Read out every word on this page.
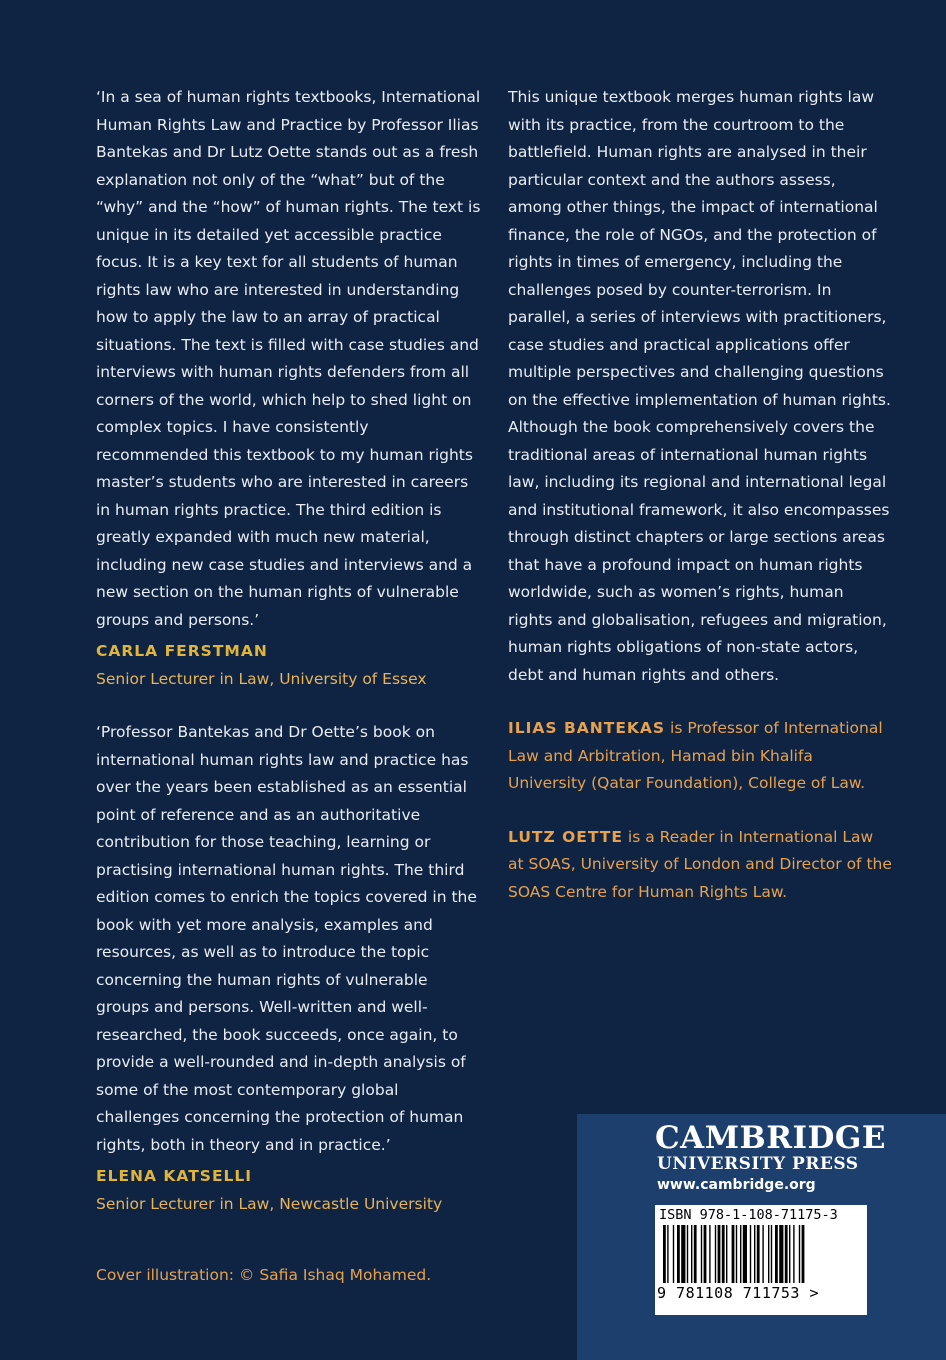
‘In a sea of human rights textbooks, International Human Rights Law and Practice by Professor Ilias Bantekas and Dr Lutz Oette stands out as a fresh explanation not only of the “what” but of the “why” and the “how” of human rights. The text is unique in its detailed yet accessible practice focus. It is a key text for all students of human rights law who are interested in understanding how to apply the law to an array of practical situations. The text is filled with case studies and interviews with human rights defenders from all corners of the world, which help to shed light on complex topics. I have consistently recommended this textbook to my human rights master’s students who are interested in careers in human rights practice. The third edition is greatly expanded with much new material, including new case studies and interviews and a new section on the human rights of vulnerable groups and persons.’

CARLA FERSTMAN

Senior Lecturer in Law, University of Essex

‘Professor Bantekas and Dr Oette’s book on international human rights law and practice has over the years been established as an essential point of reference and as an authoritative contribution for those teaching, learning or practising international human rights. The third edition comes to enrich the topics covered in the book with yet more analysis, examples and resources, as well as to introduce the topic concerning the human rights of vulnerable groups and persons. Well-written and well-researched, the book succeeds, once again, to provide a well-rounded and in-depth analysis of some of the most contemporary global challenges concerning the protection of human rights, both in theory and in practice.’

ELENA KATSELLI

Senior Lecturer in Law, Newcastle University

This unique textbook merges human rights law with its practice, from the courtroom to the battlefield. Human rights are analysed in their particular context and the authors assess, among other things, the impact of international finance, the role of NGOs, and the protection of rights in times of emergency, including the challenges posed by counter-terrorism. In parallel, a series of interviews with practitioners, case studies and practical applications offer multiple perspectives and challenging questions on the effective implementation of human rights. Although the book comprehensively covers the traditional areas of international human rights law, including its regional and international legal and institutional framework, it also encompasses through distinct chapters or large sections areas that have a profound impact on human rights worldwide, such as women’s rights, human rights and globalisation, refugees and migration, human rights obligations of non-state actors, debt and human rights and others.

ILIAS BANTEKAS is Professor of International Law and Arbitration, Hamad bin Khalifa University (Qatar Foundation), College of Law.

LUTZ OETTE is a Reader in International Law at SOAS, University of London and Director of the SOAS Centre for Human Rights Law.

Cover illustration: © Safia Ishaq Mohamed.
CAMBRIDGE
UNIVERSITY PRESS
www.cambridge.org
ISBN 978-1-108-71175-3
9 781108 711753 >
